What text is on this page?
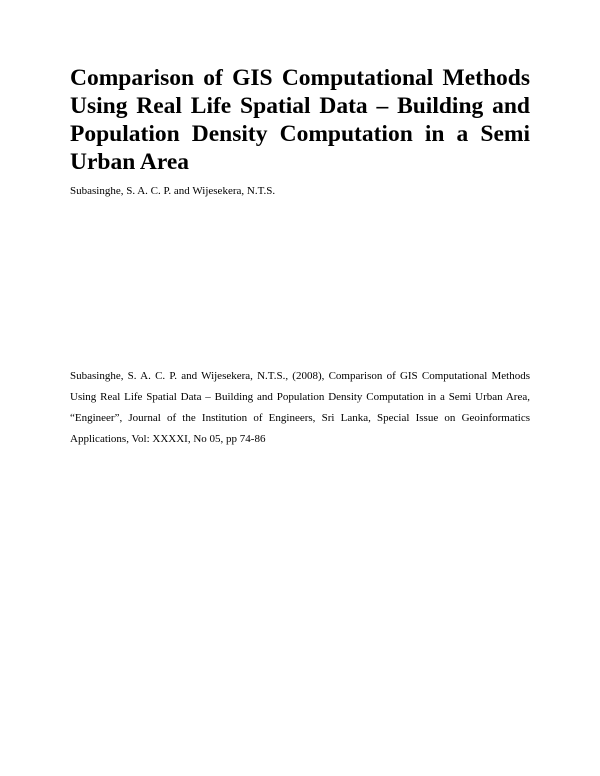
Comparison of GIS Computational Methods Using Real Life Spatial Data – Building and Population Density Computation in a Semi Urban Area

Subasinghe, S. A. C. P. and Wijesekera, N.T.S.

Subasinghe, S. A. C. P. and Wijesekera, N.T.S., (2008), Comparison of GIS Computational Methods Using Real Life Spatial Data – Building and Population Density Computation in a Semi Urban Area, “Engineer”, Journal of the Institution of Engineers, Sri Lanka, Special Issue on Geoinformatics Applications, Vol: XXXXI, No 05, pp 74-86
